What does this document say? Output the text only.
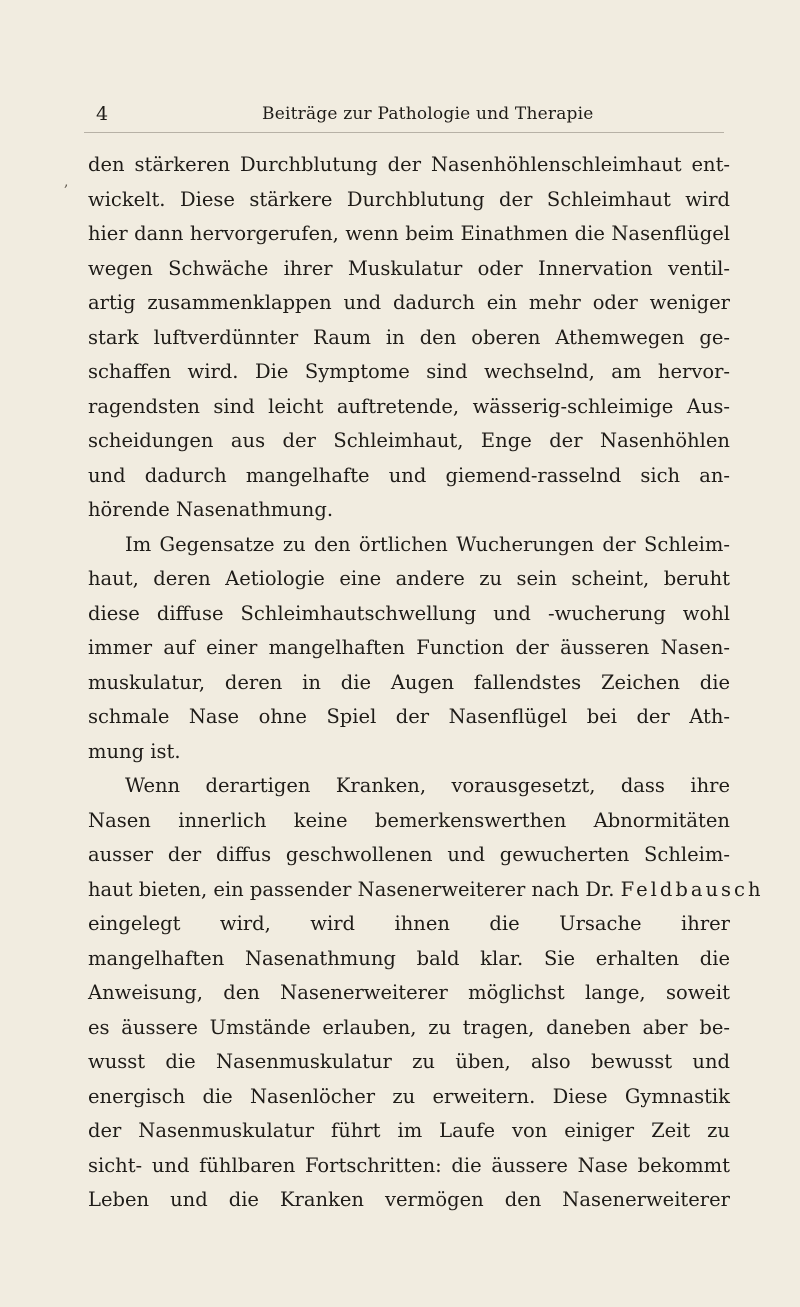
4	Beiträge zur Pathologie und Therapie
,
den stärkeren Durchblutung der Nasenhöhlenschleimhaut ent-
wickelt. Diese stärkere Durchblutung der Schleimhaut wird
hier dann hervorgerufen, wenn beim Einathmen die Nasenflügel
wegen Schwäche ihrer Muskulatur oder Innervation ventil-
artig zusammenklappen und dadurch ein mehr oder weniger
stark luftverdünnter Raum in den oberen Athemwegen ge-
schaffen wird. Die Symptome sind wechselnd, am hervor-
ragendsten sind leicht auftretende, wässerig-schleimige Aus-
scheidungen aus der Schleimhaut, Enge der Nasenhöhlen
und dadurch mangelhafte und giemend-rasselnd sich an-
hörende Nasenathmung.
Im Gegensatze zu den örtlichen Wucherungen der Schleim-
haut, deren Aetiologie eine andere zu sein scheint, beruht
diese diffuse Schleimhautschwellung und -wucherung wohl
immer auf einer mangelhaften Function der äusseren Nasen-
muskulatur, deren in die Augen fallendstes Zeichen die
schmale Nase ohne Spiel der Nasenflügel bei der Ath-
mung ist.
Wenn derartigen Kranken, vorausgesetzt, dass ihre
Nasen innerlich keine bemerkenswerthen Abnormitäten
ausser der diffus geschwollenen und gewucherten Schleim-
haut bieten, ein passender Nasenerweiterer nach Dr. Feldbausch
eingelegt wird, wird ihnen die Ursache ihrer
mangelhaften Nasenathmung bald klar. Sie erhalten die
Anweisung, den Nasenerweiterer möglichst lange, soweit
es äussere Umstände erlauben, zu tragen, daneben aber be-
wusst die Nasenmuskulatur zu üben, also bewusst und
energisch die Nasenlöcher zu erweitern. Diese Gymnastik
der Nasenmuskulatur führt im Laufe von einiger Zeit zu
sicht- und fühlbaren Fortschritten: die äussere Nase bekommt
Leben und die Kranken vermögen den Nasenerweiterer
